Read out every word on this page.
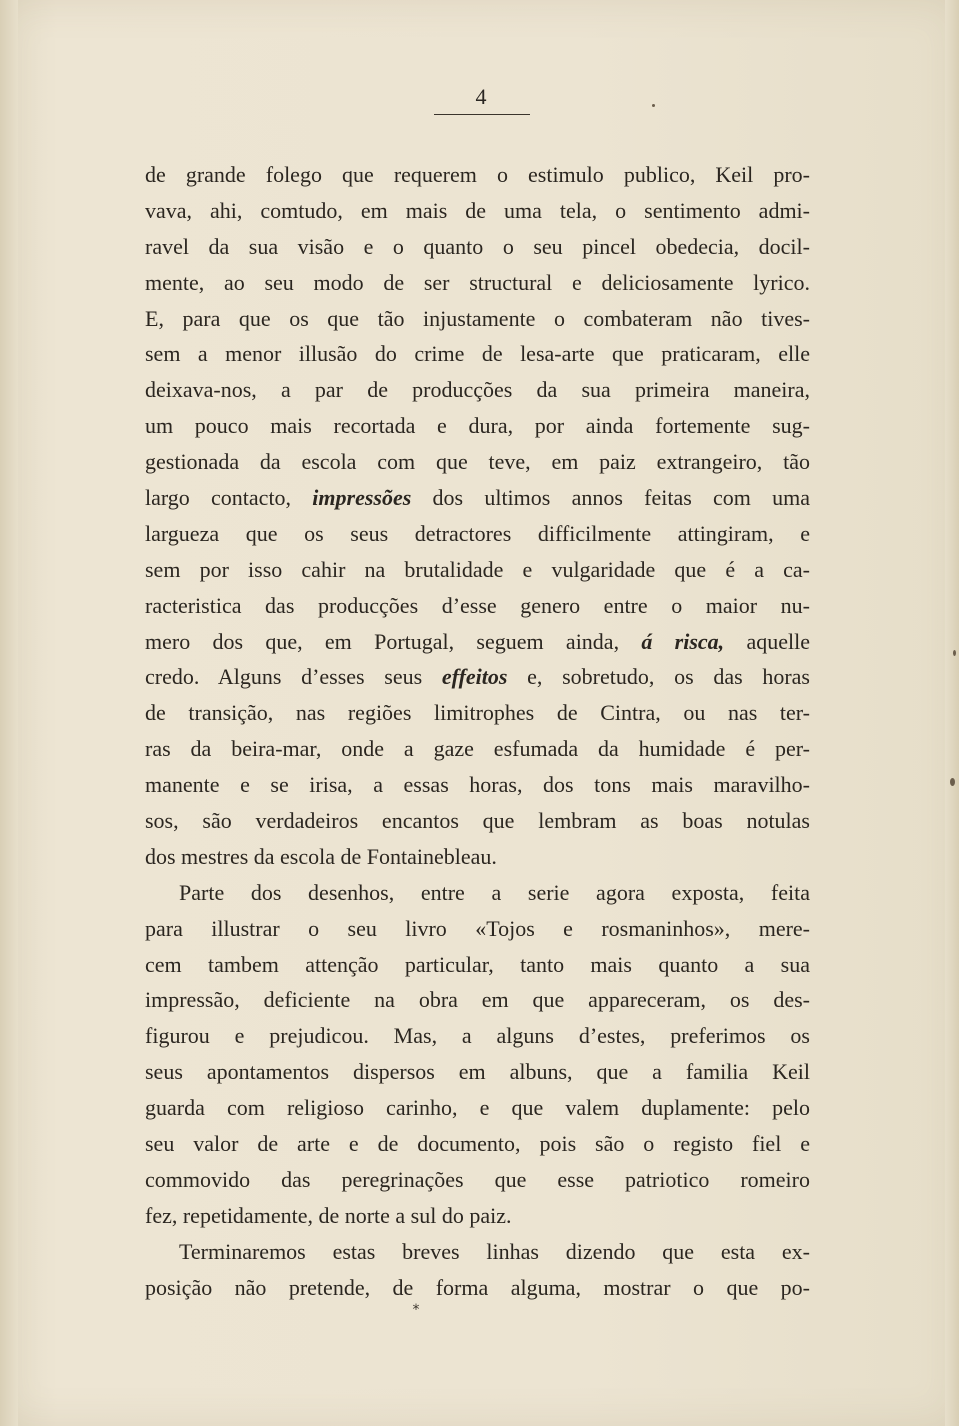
4
de grande folego que requerem o estimulo publico, Keil pro-
vava, ahi, comtudo, em mais de uma tela, o sentimento admi-
ravel da sua visão e o quanto o seu pincel obedecia, docil-
mente, ao seu modo de ser structural e deliciosamente lyrico.
E, para que os que tão injustamente o combateram não tives-
sem a menor illusão do crime de lesa-arte que praticaram, elle
deixava-nos, a par de producções da sua primeira maneira,
um pouco mais recortada e dura, por ainda fortemente sug-
gestionada da escola com que teve, em paiz extrangeiro, tão
largo contacto, impressões dos ultimos annos feitas com uma
largueza que os seus detractores difficilmente attingiram, e
sem por isso cahir na brutalidade e vulgaridade que é a ca-
racteristica das producções d’esse genero entre o maior nu-
mero dos que, em Portugal, seguem ainda, á risca, aquelle
credo. Alguns d’esses seus effeitos e, sobretudo, os das horas
de transição, nas regiões limitrophes de Cintra, ou nas ter-
ras da beira-mar, onde a gaze esfumada da humidade é per-
manente e se irisa, a essas horas, dos tons mais maravilho-
sos, são verdadeiros encantos que lembram as boas notulas
dos mestres da escola de Fontainebleau.
Parte dos desenhos, entre a serie agora exposta, feita
para illustrar o seu livro «Tojos e rosmaninhos», mere-
cem tambem attenção particular, tanto mais quanto a sua
impressão, deficiente na obra em que appareceram, os des-
figurou e prejudicou. Mas, a alguns d’estes, preferimos os
seus apontamentos dispersos em albuns, que a familia Keil
guarda com religioso carinho, e que valem duplamente: pelo
seu valor de arte e de documento, pois são o registo fiel e
commovido das peregrinações que esse patriotico romeiro
fez, repetidamente, de norte a sul do paiz.
Terminaremos estas breves linhas dizendo que esta ex-
posição não pretende, de forma alguma, mostrar o que po-
*
